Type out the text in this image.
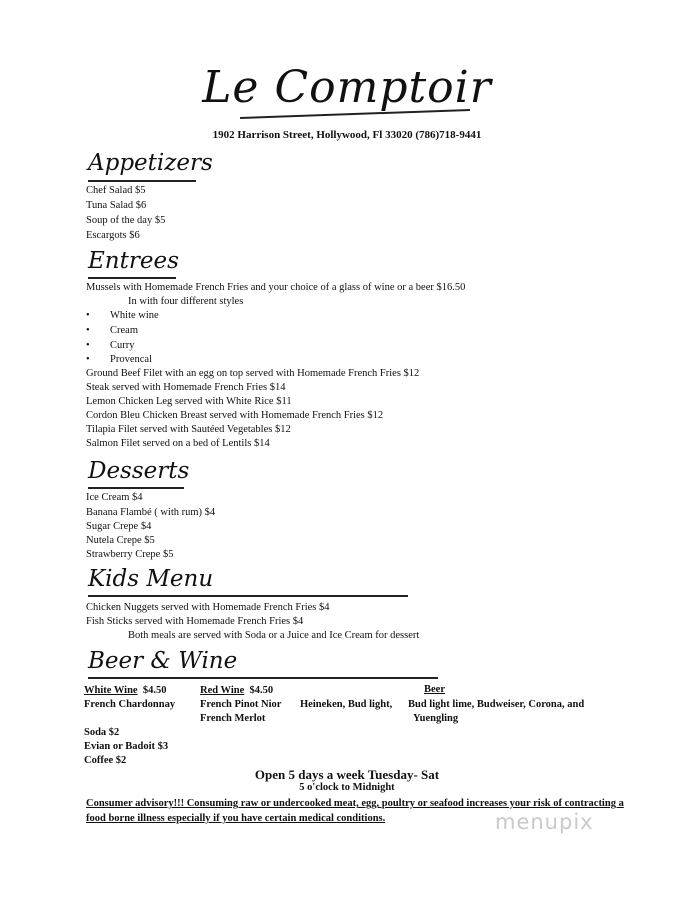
Le Comptoir
1902 Harrison Street, Hollywood, Fl 33020 (786)718-9441
Appetizers
Chef Salad $5
Tuna Salad $6
Soup of the day $5
Escargots $6
Entrees
Mussels with Homemade French Fries and your choice of a glass of wine or a beer $16.50
In with four different styles
• White wine
• Cream
• Curry
• Provencal
Ground Beef Filet with an egg on top served with Homemade French Fries $12
Steak served with Homemade French Fries $14
Lemon Chicken Leg served with White Rice $11
Cordon Bleu Chicken Breast served with Homemade French Fries $12
Tilapia Filet served with Sautéed Vegetables $12
Salmon Filet served on a bed of Lentils $14
Desserts
Ice Cream $4
Banana Flambé ( with rum) $4
Sugar Crepe $4
Nutela Crepe $5
Strawberry Crepe $5
Kids Menu
Chicken Nuggets served with Homemade French Fries $4
Fish Sticks served with Homemade French Fries $4
Both meals are served with Soda or a Juice and Ice Cream for dessert
Beer & Wine
White Wine $4.50
French Chardonnay
Red Wine $4.50
French Pinot Nior
French Merlot
Beer
Heineken, Bud light, Bud light lime, Budweiser, Corona, and
Yuengling
Soda $2
Evian or Badoit $3
Coffee $2
Open 5 days a week Tuesday- Sat
5 o'clock to Midnight
Consumer advisory!!! Consuming raw or undercooked meat, egg, poultry or seafood increases your risk of contracting a food borne illness especially if you have certain medical conditions.	menupix
